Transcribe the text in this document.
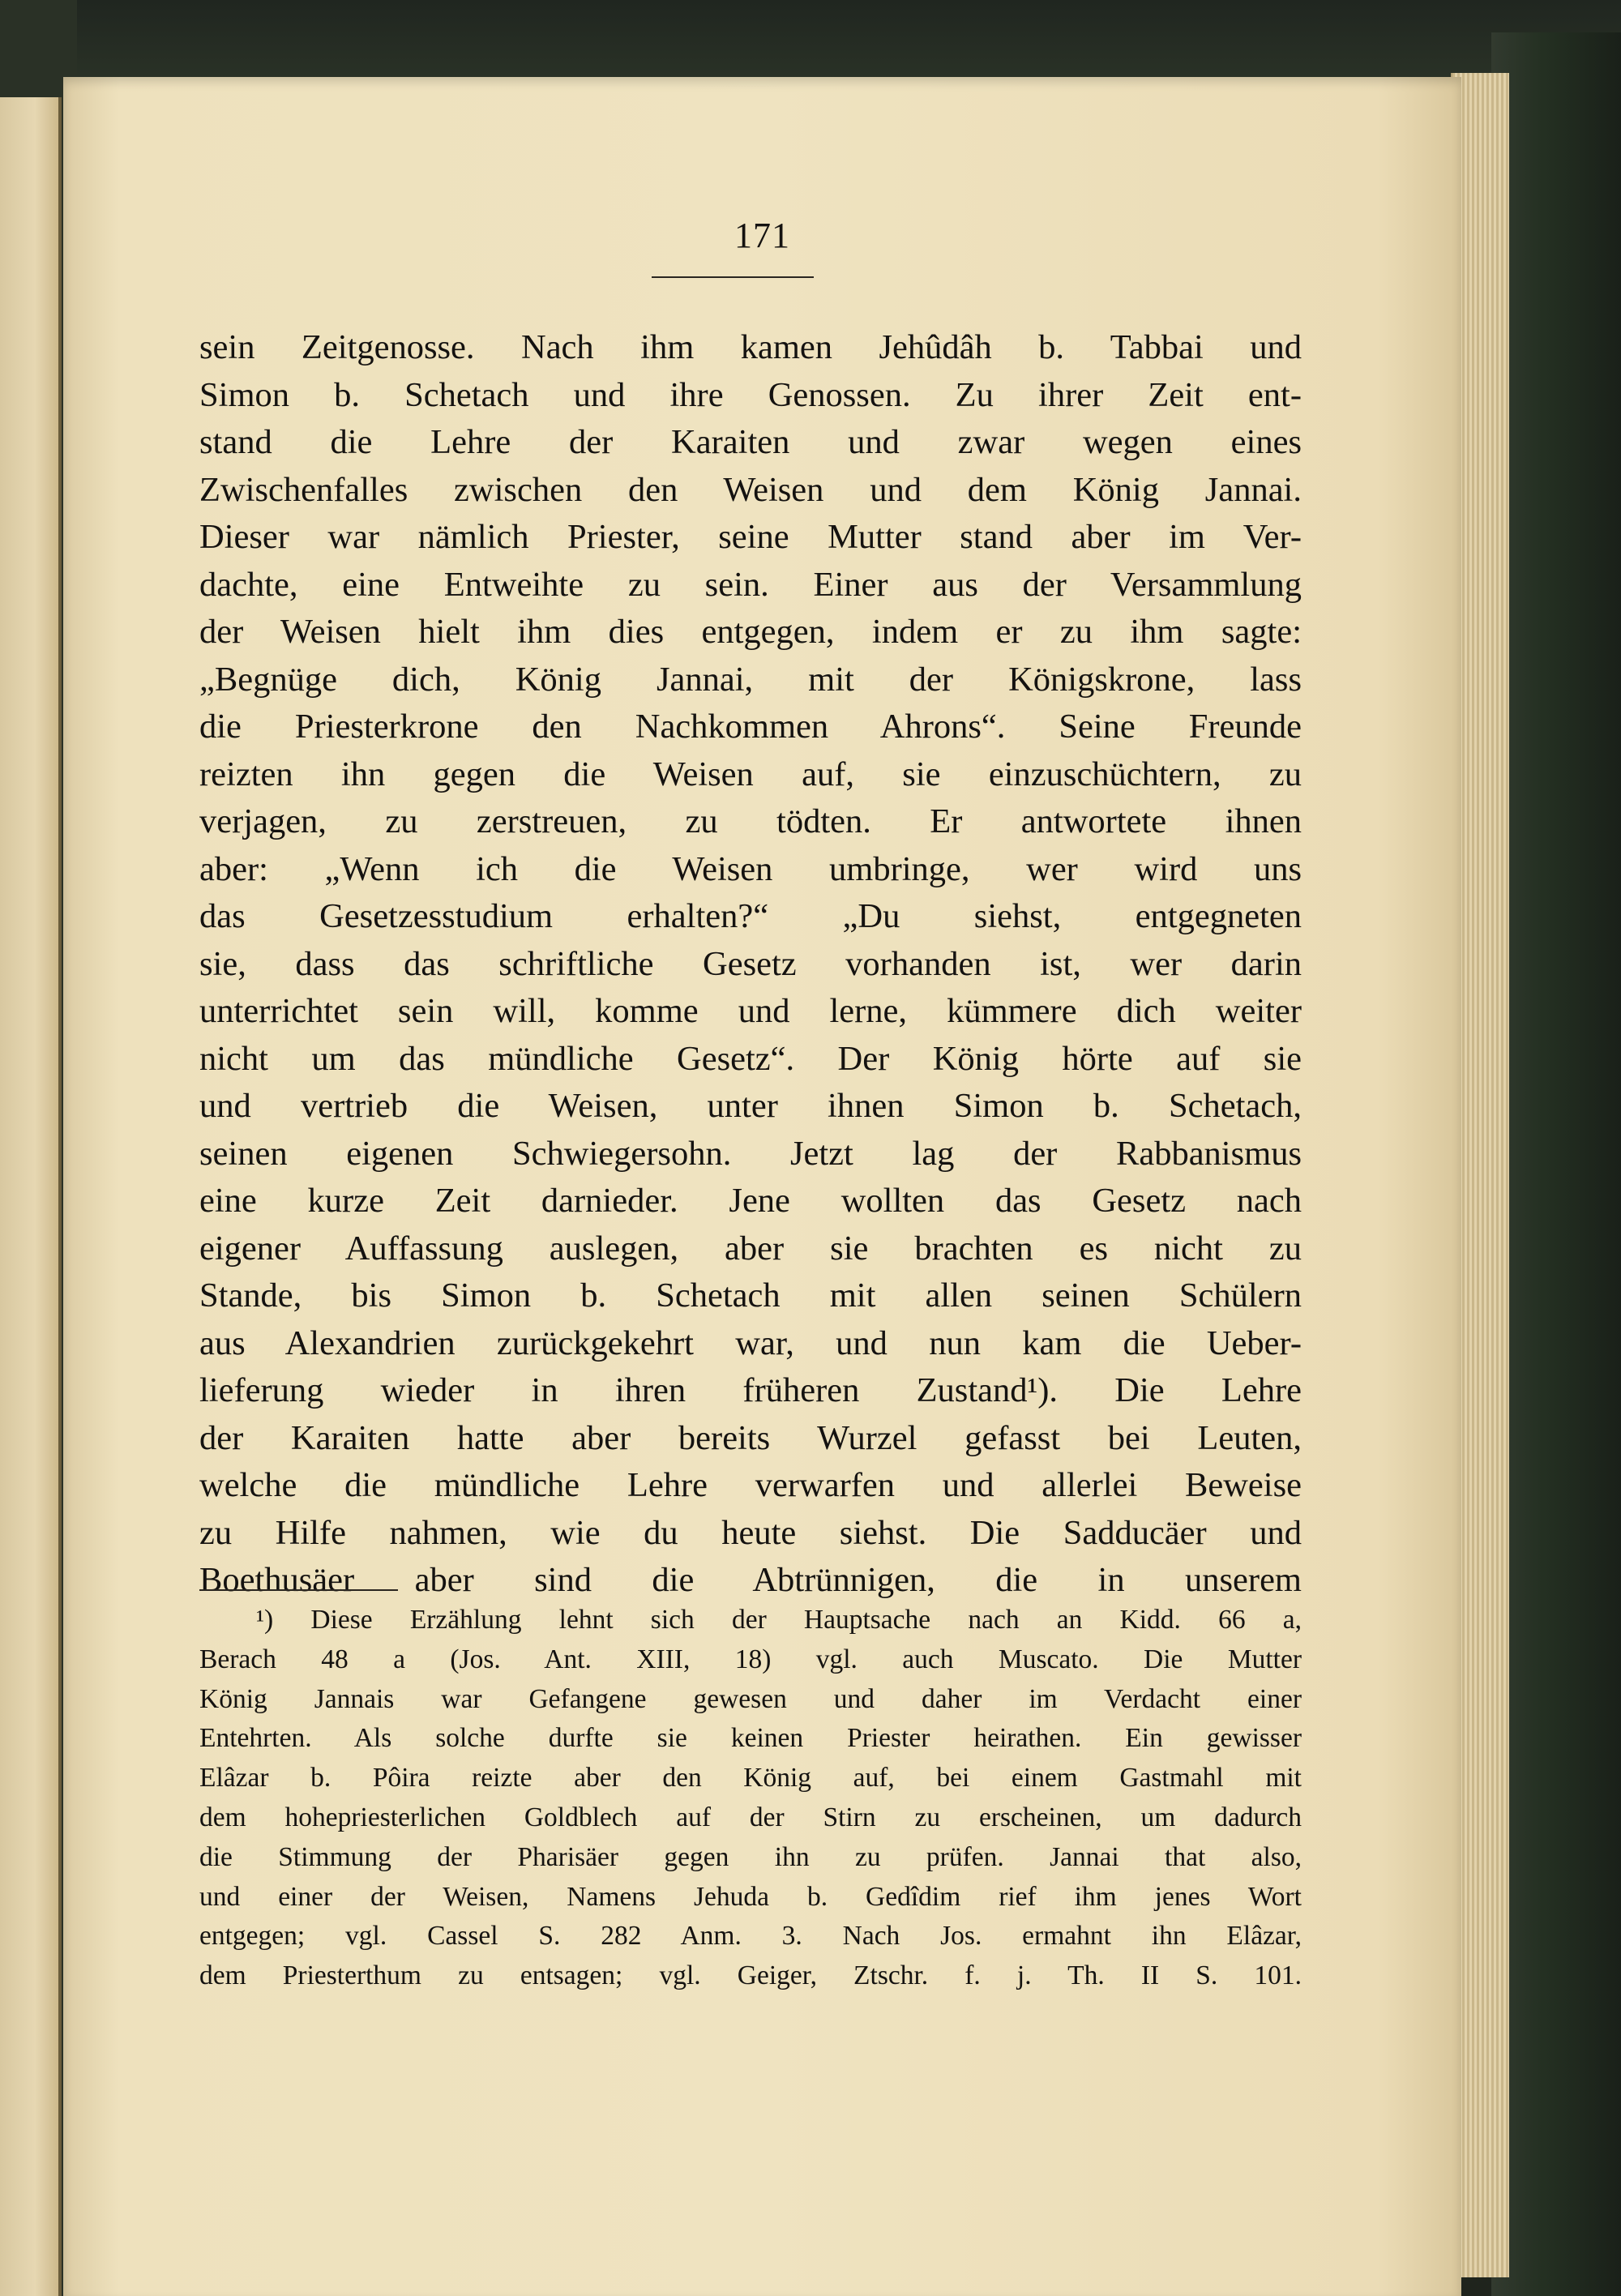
171
sein Zeitgenosse. Nach ihm kamen Jehûdâh b. Tabbai und
Simon b. Schetach und ihre Genossen. Zu ihrer Zeit ent-
stand die Lehre der Karaiten und zwar wegen eines
Zwischenfalles zwischen den Weisen und dem König Jannai.
Dieser war nämlich Priester, seine Mutter stand aber im Ver-
dachte, eine Entweihte zu sein. Einer aus der Versammlung
der Weisen hielt ihm dies entgegen, indem er zu ihm sagte:
„Begnüge dich, König Jannai, mit der Königskrone, lass
die Priesterkrone den Nachkommen Ahrons“. Seine Freunde
reizten ihn gegen die Weisen auf, sie einzuschüchtern, zu
verjagen, zu zerstreuen, zu tödten. Er antwortete ihnen
aber: „Wenn ich die Weisen umbringe, wer wird uns
das Gesetzesstudium erhalten?“ „Du siehst, entgegneten
sie, dass das schriftliche Gesetz vorhanden ist, wer darin
unterrichtet sein will, komme und lerne, kümmere dich weiter
nicht um das mündliche Gesetz“. Der König hörte auf sie
und vertrieb die Weisen, unter ihnen Simon b. Schetach,
seinen eigenen Schwiegersohn. Jetzt lag der Rabbanismus
eine kurze Zeit darnieder. Jene wollten das Gesetz nach
eigener Auffassung auslegen, aber sie brachten es nicht zu
Stande, bis Simon b. Schetach mit allen seinen Schülern
aus Alexandrien zurückgekehrt war, und nun kam die Ueber-
lieferung wieder in ihren früheren Zustand¹). Die Lehre
der Karaiten hatte aber bereits Wurzel gefasst bei Leuten,
welche die mündliche Lehre verwarfen und allerlei Beweise
zu Hilfe nahmen, wie du heute siehst. Die Sadducäer und
Boethusäer aber sind die Abtrünnigen, die in unserem
¹) Diese Erzählung lehnt sich der Hauptsache nach an Kidd. 66 a,
Berach 48 a (Jos. Ant. XIII, 18) vgl. auch Muscato. Die Mutter
König Jannais war Gefangene gewesen und daher im Verdacht einer
Entehrten. Als solche durfte sie keinen Priester heirathen. Ein gewisser
Elâzar b. Pôira reizte aber den König auf, bei einem Gastmahl mit
dem hohepriesterlichen Goldblech auf der Stirn zu erscheinen, um dadurch
die Stimmung der Pharisäer gegen ihn zu prüfen. Jannai that also,
und einer der Weisen, Namens Jehuda b. Gedîdim rief ihm jenes Wort
entgegen; vgl. Cassel S. 282 Anm. 3. Nach Jos. ermahnt ihn Elâzar,
dem Priesterthum zu entsagen; vgl. Geiger, Ztschr. f. j. Th. II S. 101.
